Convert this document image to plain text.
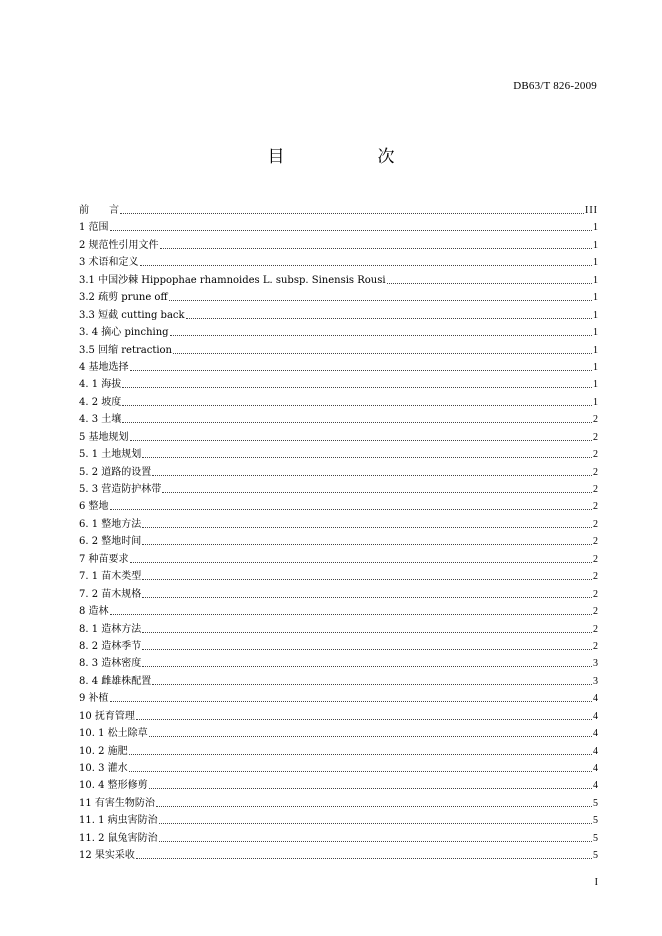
DB63/T 826-2009
目　次
前　　言	III
1 范围	1
2 规范性引用文件	1
3 术语和定义	1
3.1 中国沙棘 Hippophae rhamnoides L. subsp. Sinensis Rousi	1
3.2 疏剪 prune off	1
3.3 短截 cutting back	1
3. 4 摘心 pinching	1
3.5 回缩 retraction	1
4 基地选择	1
4. 1 海拔	1
4. 2 坡度	1
4. 3 土壤	2
5 基地规划	2
5. 1 土地规划	2
5. 2 道路的设置	2
5. 3 营造防护林带	2
6 整地	2
6. 1 整地方法	2
6. 2 整地时间	2
7 种苗要求	2
7. 1 苗木类型	2
7. 2 苗木规格	2
8 造林	2
8. 1 造林方法	2
8. 2 造林季节	2
8. 3 造林密度	3
8. 4 雌雄株配置	3
9 补植	4
10 抚育管理	4
10. 1 松土除草	4
10. 2 施肥	4
10. 3 灌水	4
10. 4 整形修剪	4
11 有害生物防治	5
11. 1 病虫害防治	5
11. 2 鼠兔害防治	5
12 果实采收	5
I
